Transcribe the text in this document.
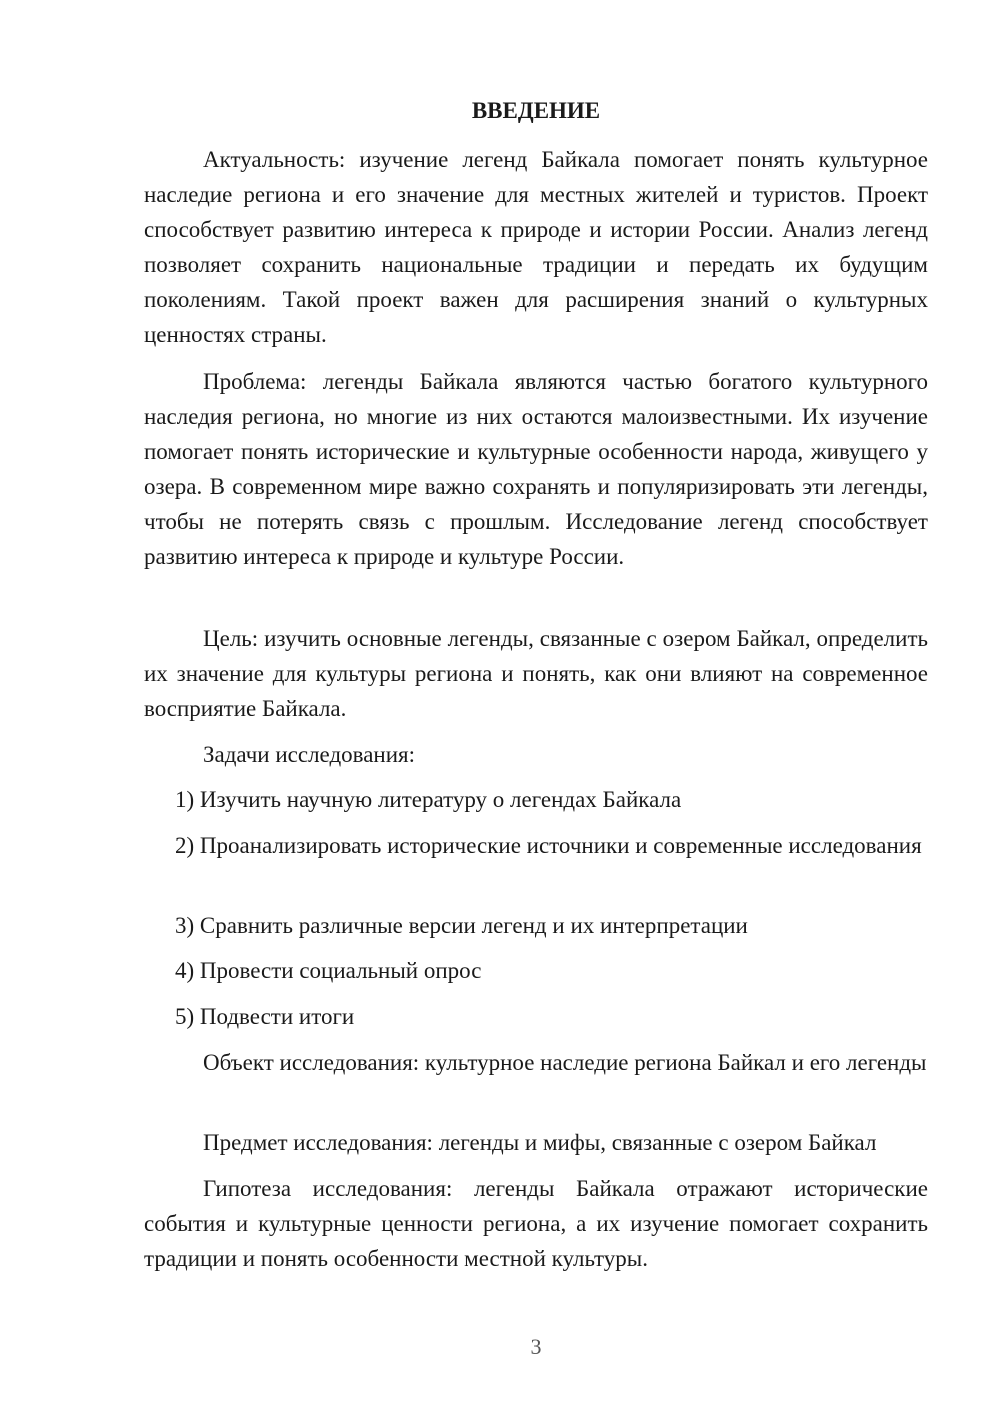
ВВЕДЕНИЕ

Актуальность: изучение легенд Байкала помогает понять культурное наследие региона и его значение для местных жителей и туристов. Проект способствует развитию интереса к природе и истории России. Анализ легенд позволяет сохранить национальные традиции и передать их будущим поколениям. Такой проект важен для расширения знаний о культурных ценностях страны.

Проблема: легенды Байкала являются частью богатого культурного наследия региона, но многие из них остаются малоизвестными. Их изучение помогает понять исторические и культурные особенности народа, живущего у озера. В современном мире важно сохранять и популяризировать эти легенды, чтобы не потерять связь с прошлым. Исследование легенд способствует развитию интереса к природе и культуре России.

Цель: изучить основные легенды, связанные с озером Байкал, определить их значение для культуры региона и понять, как они влияют на современное восприятие Байкала.

Задачи исследования:

1) Изучить научную литературу о легендах Байкала

2) Проанализировать исторические источники и современные исследования

3) Сравнить различные версии легенд и их интерпретации

4) Провести социальный опрос

5) Подвести итоги

Объект исследования: культурное наследие региона Байкал и его легенды

Предмет исследования: легенды и мифы, связанные с озером Байкал

Гипотеза исследования: легенды Байкала отражают исторические события и культурные ценности региона, а их изучение помогает сохранить традиции и понять особенности местной культуры.

3
